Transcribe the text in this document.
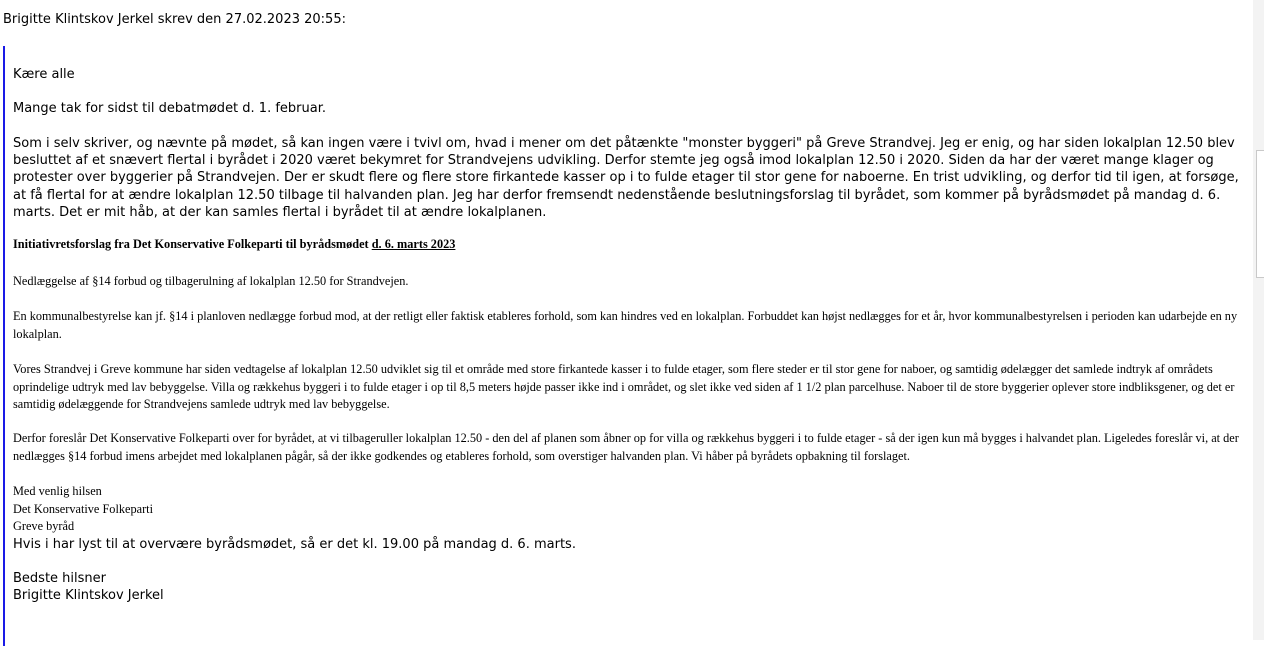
Brigitte Klintskov Jerkel skrev den 27.02.2023 20:55:
Kære alle
Mange tak for sidst til debatmødet d. 1. februar.
Som i selv skriver, og nævnte på mødet, så kan ingen være i tvivl om, hvad i mener om det påtænkte "monster byggeri" på Greve Strandvej. Jeg er enig, og har siden lokalplan 12.50 blev besluttet af et snævert flertal i byrådet i 2020 været bekymret for Strandvejens udvikling. Derfor stemte jeg også imod lokalplan 12.50 i 2020. Siden da har der været mange klager og protester over byggerier på Strandvejen. Der er skudt flere og flere store firkantede kasser op i to fulde etager til stor gene for naboerne. En trist udvikling, og derfor tid til igen, at forsøge, at få flertal for at ændre lokalplan 12.50 tilbage til halvanden plan. Jeg har derfor fremsendt nedenstående beslutningsforslag til byrådet, som kommer på byrådsmødet på mandag d. 6. marts. Det er mit håb, at der kan samles flertal i byrådet til at ændre lokalplanen.
Initiativretsforslag fra Det Konservative Folkeparti til byrådsmødet d. 6. marts 2023
Nedlæggelse af §14 forbud og tilbagerulning af lokalplan 12.50 for Strandvejen.
En kommunalbestyrelse kan jf. §14 i planloven nedlægge forbud mod, at der retligt eller faktisk etableres forhold, som kan hindres ved en lokalplan. Forbuddet kan højst nedlægges for et år, hvor kommunalbestyrelsen i perioden kan udarbejde en ny lokalplan.
Vores Strandvej i Greve kommune har siden vedtagelse af lokalplan 12.50 udviklet sig til et område med store firkantede kasser i to fulde etager, som flere steder er til stor gene for naboer, og samtidig ødelægger det samlede indtryk af områdets oprindelige udtryk med lav bebyggelse. Villa og rækkehus byggeri i to fulde etager i op til 8,5 meters højde passer ikke ind i området, og slet ikke ved siden af 1 1/2 plan parcelhuse. Naboer til de store byggerier oplever store indbliksgener, og det er samtidig ødelæggende for Strandvejens samlede udtryk med lav bebyggelse.
Derfor foreslår Det Konservative Folkeparti over for byrådet, at vi tilbageruller lokalplan 12.50 - den del af planen som åbner op for villa og rækkehus byggeri i to fulde etager - så der igen kun må bygges i halvandet plan. Ligeledes foreslår vi, at der nedlægges §14 forbud imens arbejdet med lokalplanen pågår, så der ikke godkendes og etableres forhold, som overstiger halvanden plan. Vi håber på byrådets opbakning til forslaget.
Med venlig hilsen
Det Konservative Folkeparti
Greve byråd
Hvis i har lyst til at overvære byrådsmødet, så er det kl. 19.00 på mandag d. 6. marts.
Bedste hilsner
Brigitte Klintskov Jerkel
